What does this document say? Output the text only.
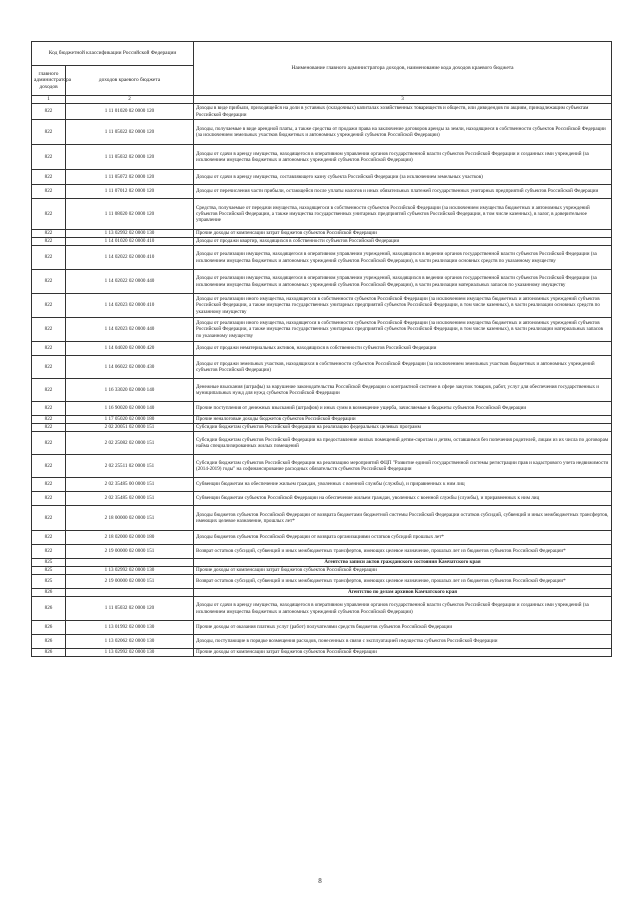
Код бюджетной классификации Российской Федерации		Наименование главного администратора доходов, наименование кода доходов краевого бюджета
главного администратора доходов	доходов краевого бюджета	
1	2	3
822	1 11 01020 02 0000 120	Доходы в виде прибыли, приходящейся на доли в уставных (складочных) капиталах хозяйственных товариществ и обществ, или дивидендов по акциям, принадлежащим субъектам Российской Федерации
822	1 11 05022 02 0000 120	Доходы, получаемые в виде арендной платы, а также средства от продажи права на заключение договоров аренды за земли, находящиеся в собственности субъектов Российской Федерации (за исключением земельных участков бюджетных и автономных учреждений субъектов Российской Федерации)
822	1 11 05032 02 0000 120	Доходы от сдачи в аренду имущества, находящегося в оперативном управлении органов государственной власти субъектов Российской Федерации и созданных ими учреждений (за исключением имущества бюджетных и автономных учреждений субъектов Российской Федерации)
822	1 11 05072 02 0000 120	Доходы от сдачи в аренду имущества, составляющего казну субъекта Российской Федерации (за исключением земельных участков)
822	1 11 07012 02 0000 120	Доходы от перечисления части прибыли, остающейся после уплаты налогов и иных обязательных платежей государственных унитарных предприятий субъектов Российской Федерации
822	1 11 08020 02 0000 120	Средства, получаемые от передачи имущества, находящегося в собственности субъектов Российской Федерации (за исключением имущества бюджетных и автономных учреждений субъектов Российской Федерации, а также имущества государственных унитарных предприятий субъектов Российской Федерации, в том числе казенных), в залог, в доверительное управление
822	1 13 02992 02 0000 130	Прочие доходы от компенсации затрат бюджетов субъектов Российской Федерации
822	1 14 01020 02 0000 410	Доходы от продажи квартир, находящихся в собственности субъектов Российской Федерации
822	1 14 02022 02 0000 410	Доходы от реализации имущества, находящегося в оперативном управлении учреждений, находящихся в ведении органов государственной власти субъектов Российской Федерации (за исключением имущества бюджетных и автономных учреждений субъектов Российской Федерации), в части реализации основных средств по указанному имуществу
822	1 14 02022 02 0000 440	Доходы от реализации имущества, находящегося в оперативном управлении учреждений, находящихся в ведении органов государственной власти субъектов Российской Федерации (за исключением имущества бюджетных и автономных учреждений субъектов Российской Федерации), в части реализации материальных запасов по указанному имуществу
822	1 14 02023 02 0000 410	Доходы от реализации иного имущества, находящегося в собственности субъектов Российской Федерации (за исключением имущества бюджетных и автономных учреждений субъектов Российской Федерации, а также имущества государственных унитарных предприятий субъектов Российской Федерации, в том числе казенных), в части реализации основных средств по указанному имуществу
822	1 14 02023 02 0000 440	Доходы от реализации иного имущества, находящегося в собственности субъектов Российской Федерации (за исключением имущества бюджетных и автономных учреждений субъектов Российской Федерации, а также имущества государственных унитарных предприятий субъектов Российской Федерации, в том числе казенных), в части реализации материальных запасов по указанному имуществу
822	1 14 04020 02 0000 420	Доходы от продажи нематериальных активов, находящихся в собственности субъектов Российской Федерации
822	1 14 06022 02 0000 430	Доходы от продажи земельных участков, находящихся в собственности субъектов Российской Федерации (за исключением земельных участков бюджетных и автономных учреждений субъектов Российской Федерации)
822	1 16 33020 02 0000 140	Денежные взыскания (штрафы) за нарушение законодательства Российской Федерации о контрактной системе в сфере закупок товаров, работ, услуг для обеспечения государственных и муниципальных нужд для нужд субъектов Российской Федерации
822	1 16 90020 02 0000 140	Прочие поступления от денежных взысканий (штрафов) и иных сумм в возмещение ущерба, зачисляемые в бюджеты субъектов Российской Федерации
822	1 17 05020 02 0000 180	Прочие неналоговые доходы бюджетов субъектов Российской Федерации
822	2 02 20051 02 0000 151	Субсидии бюджетам субъектов Российской Федерации на реализацию федеральных целевых программ
822	2 02 25082 02 0000 151	Субсидии бюджетам субъектов Российской Федерации на предоставление жилых помещений детям-сиротам и детям, оставшимся без попечения родителей, лицам из их числа по договорам найма специализированных жилых помещений
822	2 02 25511 02 0000 151	Субсидии бюджетам субъектов Российской Федерации на реализацию мероприятий ФЦП "Развитие единой государственной системы регистрации прав и кадастрового учета недвижимости (2014-2019) годы" на софинансирование расходных обязательств субъектов Российской Федерации
822	2 02 35485 00 0000 151	Субвенции бюджетам на обеспечение жильем граждан, уволенных с военной службы (службы), и приравненных к ним лиц
822	2 02 35485 02 0000 151	Субвенции бюджетам субъектов Российской Федерации на обеспечение жильем граждан, уволенных с военной службы (службы), и приравненных к ним лиц
822	2 18 00000 02 0000 151	Доходы бюджетов субъектов Российской Федерации от возврата бюджетами бюджетной системы Российской Федерации остатков субсидий, субвенций и иных межбюджетных трансфертов, имеющих целевое назначение, прошлых лет*
822	2 18 02000 02 0000 180	Доходы бюджетов субъектов Российской Федерации от возврата организациями остатков субсидий прошлых лет*
822	2 19 00000 02 0000 151	Возврат остатков субсидий, субвенций и иных межбюджетных трансфертов, имеющих целевое назначение, прошлых лет из бюджетов субъектов Российской Федерации*
825		Агентство записи актов гражданского состояния Камчатского края
825	1 13 02992 02 0000 130	Прочие доходы от компенсации затрат бюджетов субъектов Российской Федерации
825	2 19 00000 02 0000 151	Возврат остатков субсидий, субвенций и иных межбюджетных трансфертов, имеющих целевое назначение, прошлых лет из бюджетов субъектов Российской Федерации*
826		Агентство по делам архивов Камчатского края
826	1 11 05032 02 0000 120	Доходы от сдачи в аренду имущества, находящегося в оперативном управлении органов государственной власти субъектов Российской Федерации и созданных ими учреждений (за исключением имущества бюджетных и автономных учреждений субъектов Российской Федерации)
826	1 13 01992 02 0000 130	Прочие доходы от оказания платных услуг (работ) получателями средств бюджетов субъектов Российской Федерации
826	1 13 02062 02 0000 130	Доходы, поступающие в порядке возмещения расходов, понесенных в связи с эксплуатацией имущества субъектов Российской Федерации
826	1 13 02992 02 0000 130	Прочие доходы от компенсации затрат бюджетов субъектов Российской Федерации
8
